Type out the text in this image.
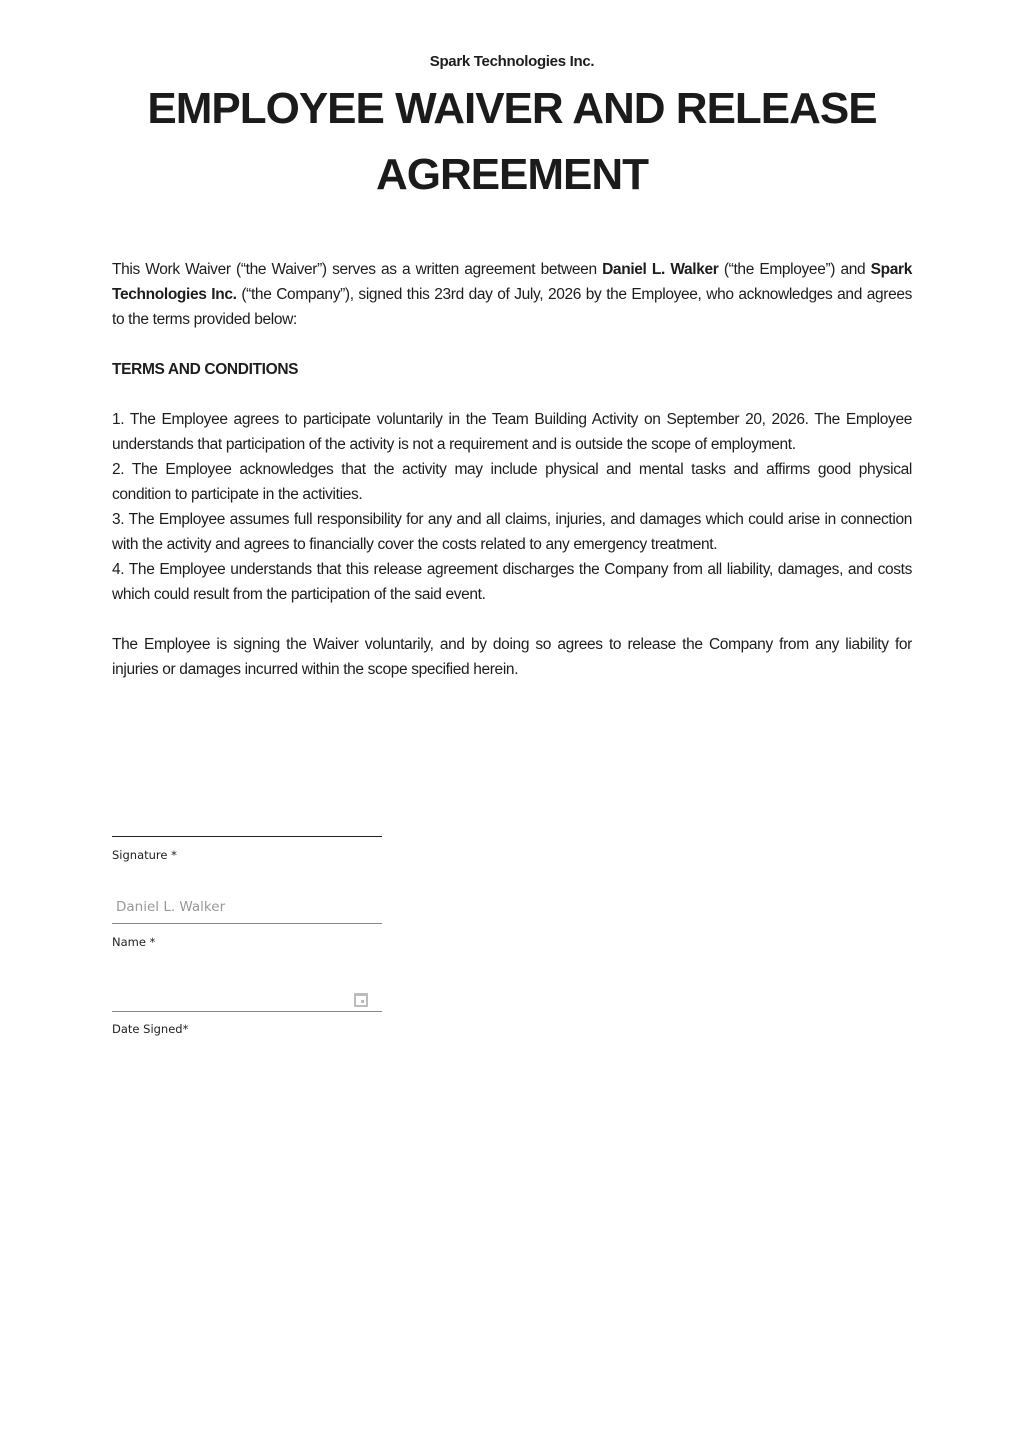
Spark Technologies Inc.
EMPLOYEE WAIVER AND RELEASE
AGREEMENT

This Work Waiver (“the Waiver”) serves as a written agreement between Daniel L. Walker (“the Employee”) and Spark Technologies Inc. (“the Company”), signed this 23rd day of July, 2026 by the Employee, who acknowledges and agrees to the terms provided below:

TERMS AND CONDITIONS

1. The Employee agrees to participate voluntarily in the Team Building Activity on September 20, 2026. The Employee understands that participation of the activity is not a requirement and is outside the scope of employment.

2. The Employee acknowledges that the activity may include physical and mental tasks and affirms good physical condition to participate in the activities.

3. The Employee assumes full responsibility for any and all claims, injuries, and damages which could arise in connection with the activity and agrees to financially cover the costs related to any emergency treatment.

4. The Employee understands that this release agreement discharges the Company from all liability, damages, and costs which could result from the participation of the said event.

The Employee is signing the Waiver voluntarily, and by doing so agrees to release the Company from any liability for injuries or damages incurred within the scope specified herein.

Signature *
Daniel L. Walker
Name *
Date Signed*
